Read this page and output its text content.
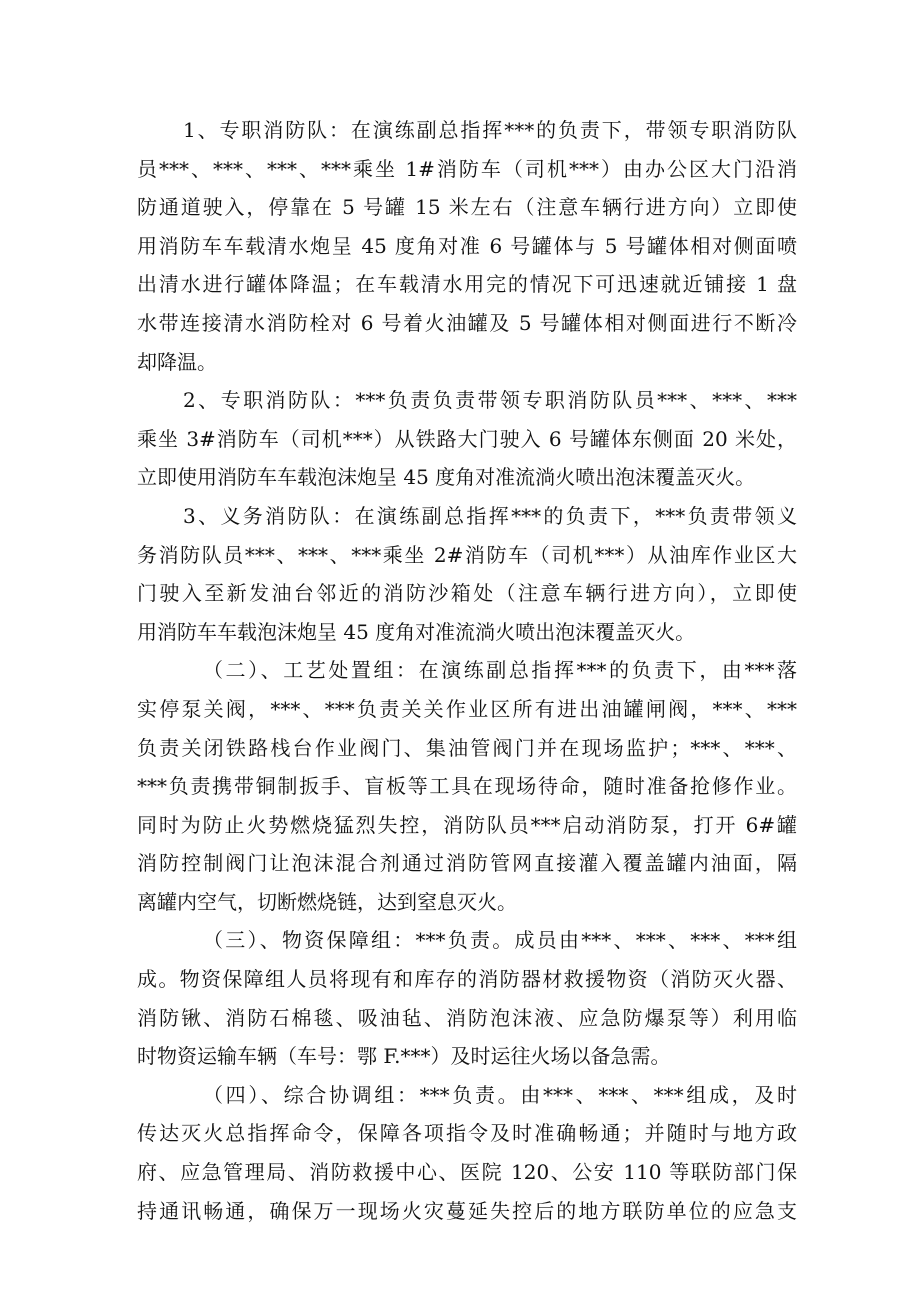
1、专职消防队：在演练副总指挥***的负责下，带领专职消防队
员***、***、***、***乘坐 1#消防车（司机***）由办公区大门沿消
防通道驶入，停靠在 5 号罐 15 米左右（注意车辆行进方向）立即使
用消防车车载清水炮呈 45 度角对准 6 号罐体与 5 号罐体相对侧面喷
出清水进行罐体降温；在车载清水用完的情况下可迅速就近铺接 1 盘
水带连接清水消防栓对 6 号着火油罐及 5 号罐体相对侧面进行不断冷
却降温。
2、专职消防队：***负责负责带领专职消防队员***、***、***
乘坐 3#消防车（司机***）从铁路大门驶入 6 号罐体东侧面 20 米处，
立即使用消防车车载泡沫炮呈 45 度角对准流淌火喷出泡沫覆盖灭火。
3、义务消防队：在演练副总指挥***的负责下，***负责带领义
务消防队员***、***、***乘坐 2#消防车（司机***）从油库作业区大
门驶入至新发油台邻近的消防沙箱处（注意车辆行进方向），立即使
用消防车车载泡沫炮呈 45 度角对准流淌火喷出泡沫覆盖灭火。
（二）、工艺处置组：在演练副总指挥***的负责下，由***落
实停泵关阀，***、***负责关关作业区所有进出油罐闸阀，***、***
负责关闭铁路栈台作业阀门、集油管阀门并在现场监护；***、***、
***负责携带铜制扳手、盲板等工具在现场待命，随时准备抢修作业。
同时为防止火势燃烧猛烈失控，消防队员***启动消防泵，打开 6#罐
消防控制阀门让泡沫混合剂通过消防管网直接灌入覆盖罐内油面，隔
离罐内空气，切断燃烧链，达到窒息灭火。
（三）、物资保障组：***负责。成员由***、***、***、***组
成。物资保障组人员将现有和库存的消防器材救援物资（消防灭火器、
消防锹、消防石棉毯、吸油毡、消防泡沫液、应急防爆泵等）利用临
时物资运输车辆（车号：鄂 F.***）及时运往火场以备急需。
（四）、综合协调组：***负责。由***、***、***组成，及时
传达灭火总指挥命令，保障各项指令及时准确畅通；并随时与地方政
府、应急管理局、消防救援中心、医院 120、公安 110 等联防部门保
持通讯畅通，确保万一现场火灾蔓延失控后的地方联防单位的应急支
